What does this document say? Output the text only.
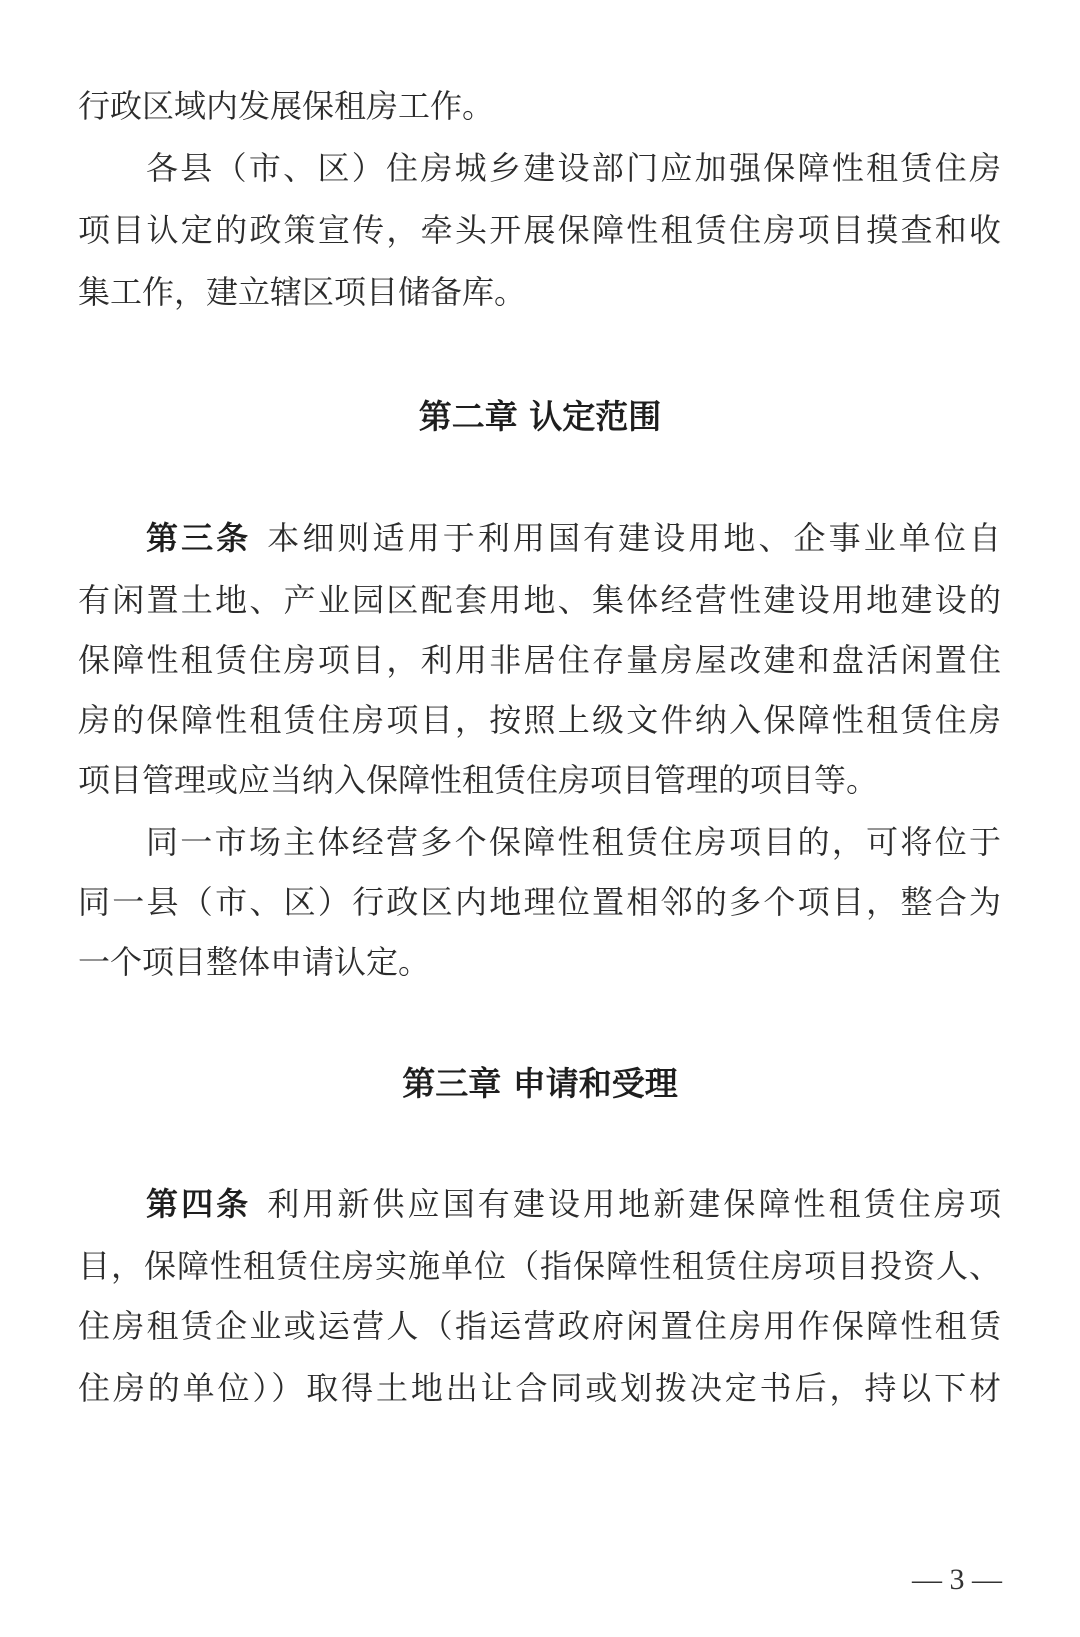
行政区域内发展保租房工作。
各县（市、区）住房城乡建设部门应加强保障性租赁住房
项目认定的政策宣传，牵头开展保障性租赁住房项目摸查和收
集工作，建立辖区项目储备库。
第二章 认定范围
第三条 本细则适用于利用国有建设用地、企事业单位自
有闲置土地、产业园区配套用地、集体经营性建设用地建设的
保障性租赁住房项目，利用非居住存量房屋改建和盘活闲置住
房的保障性租赁住房项目，按照上级文件纳入保障性租赁住房
项目管理或应当纳入保障性租赁住房项目管理的项目等。
同一市场主体经营多个保障性租赁住房项目的，可将位于
同一县（市、区）行政区内地理位置相邻的多个项目，整合为
一个项目整体申请认定。
第三章 申请和受理
第四条 利用新供应国有建设用地新建保障性租赁住房项
目，保障性租赁住房实施单位（指保障性租赁住房项目投资人、
住房租赁企业或运营人（指运营政府闲置住房用作保障性租赁
住房的单位））取得土地出让合同或划拨决定书后，持以下材
— 3 —
